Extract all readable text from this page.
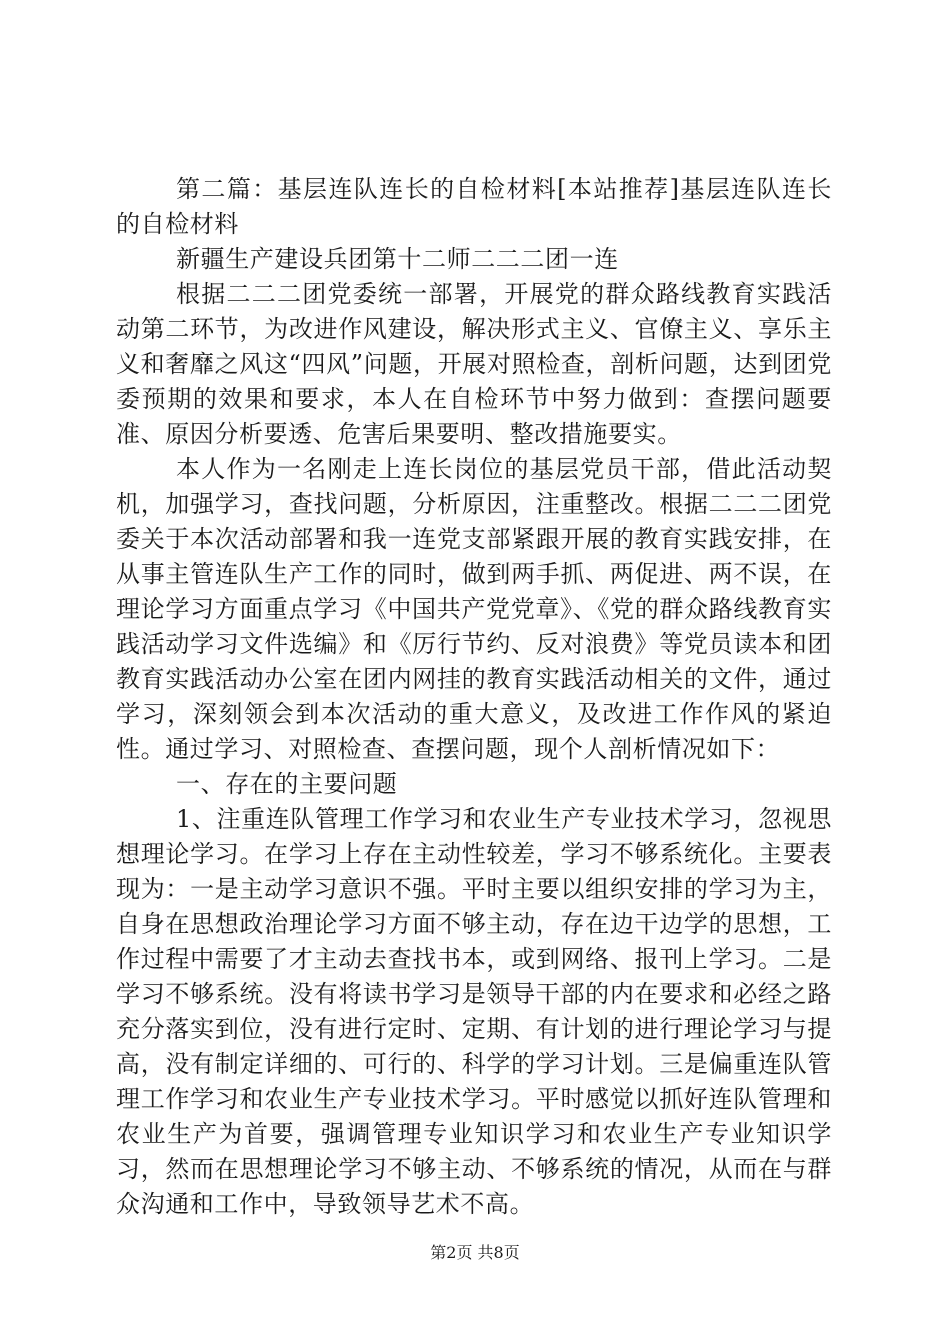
第二篇：基层连队连长的自检材料[本站推荐]基层连队连长的自检材料

新疆生产建设兵团第十二师二二二团一连

根据二二二团党委统一部署，开展党的群众路线教育实践活动第二环节，为改进作风建设，解决形式主义、官僚主义、享乐主义和奢靡之风这“四风”问题，开展对照检查，剖析问题，达到团党委预期的效果和要求，本人在自检环节中努力做到：查摆问题要准、原因分析要透、危害后果要明、整改措施要实。

本人作为一名刚走上连长岗位的基层党员干部，借此活动契机，加强学习，查找问题，分析原因，注重整改。根据二二二团党委关于本次活动部署和我一连党支部紧跟开展的教育实践安排，在从事主管连队生产工作的同时，做到两手抓、两促进、两不误，在理论学习方面重点学习《中国共产党党章》、《党的群众路线教育实践活动学习文件选编》和《厉行节约、反对浪费》等党员读本和团教育实践活动办公室在团内网挂的教育实践活动相关的文件，通过学习，深刻领会到本次活动的重大意义，及改进工作作风的紧迫性。通过学习、对照检查、查摆问题，现个人剖析情况如下：

一、存在的主要问题

1、注重连队管理工作学习和农业生产专业技术学习，忽视思想理论学习。在学习上存在主动性较差，学习不够系统化。主要表现为：一是主动学习意识不强。平时主要以组织安排的学习为主，自身在思想政治理论学习方面不够主动，存在边干边学的思想，工作过程中需要了才主动去查找书本，或到网络、报刊上学习。二是学习不够系统。没有将读书学习是领导干部的内在要求和必经之路充分落实到位，没有进行定时、定期、有计划的进行理论学习与提高，没有制定详细的、可行的、科学的学习计划。三是偏重连队管理工作学习和农业生产专业技术学习。平时感觉以抓好连队管理和农业生产为首要，强调管理专业知识学习和农业生产专业知识学习，然而在思想理论学习不够主动、不够系统的情况，从而在与群众沟通和工作中，导致领导艺术不高。

第2页 共8页
